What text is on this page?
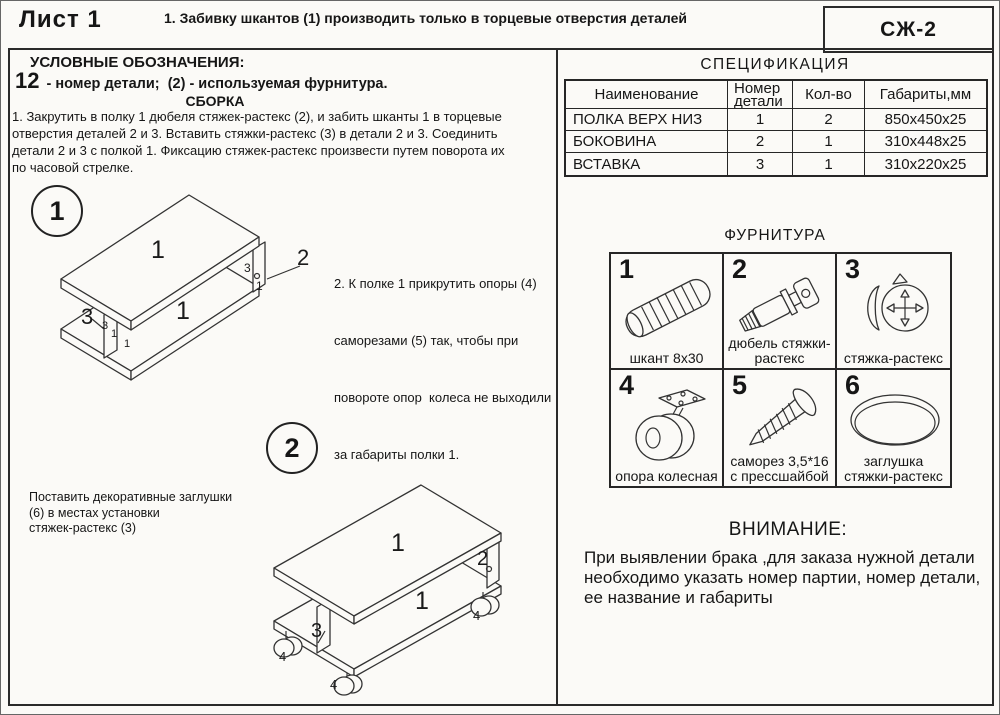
Лист 1	1. Забивку шкантов (1) производить только в торцевые отверстия деталей	СЖ-2
УСЛОВНЫЕ ОБОЗНАЧЕНИЯ:
12 - номер детали;  (2) - используемая фурнитура.
СБОРКА
1. Закрутить в полку 1 дюбеля стяжек-растекс (2), и забить шканты 1 в торцевые
отверстия деталей 2 и 3. Вставить стяжки-растекс (3) в детали 2 и 3. Соединить
детали 2 и 3 с полкой 1. Фиксацию стяжек-растекс произвести путем поворота их
по часовой стрелке.
1
1	2
3
1
1
3 3
1
1

2. К полке 1 прикрутить опоры (4)

саморезами (5) так, чтобы при

повороте опор  колеса не выходили

за габариты полки 1.

2
Поставить декоративные заглушки
(6) в местах установки
стяжек-растекс (3)
1
2
1
3
4
4
4
СПЕЦИФИКАЦИЯ
Наименование	Номер детали	Кол-во	Габариты,мм
ПОЛКА ВЕРХ НИЗ	1	2	850х450х25
БОКОВИНА	2	1	310х448х25
ВСТАВКА	3	1	310х220х25
ФУРНИТУРА
1
шкант 8х30
2
дюбель стяжки-растекс
3
стяжка-растекс
4
опора колесная
5
саморез 3,5*16 с прессшайбой
6
заглушка стяжки-растекс
ВНИМАНИЕ:
При выявлении брака ,для заказа нужной детали
необходимо указать номер партии, номер детали,
ее название и габариты
